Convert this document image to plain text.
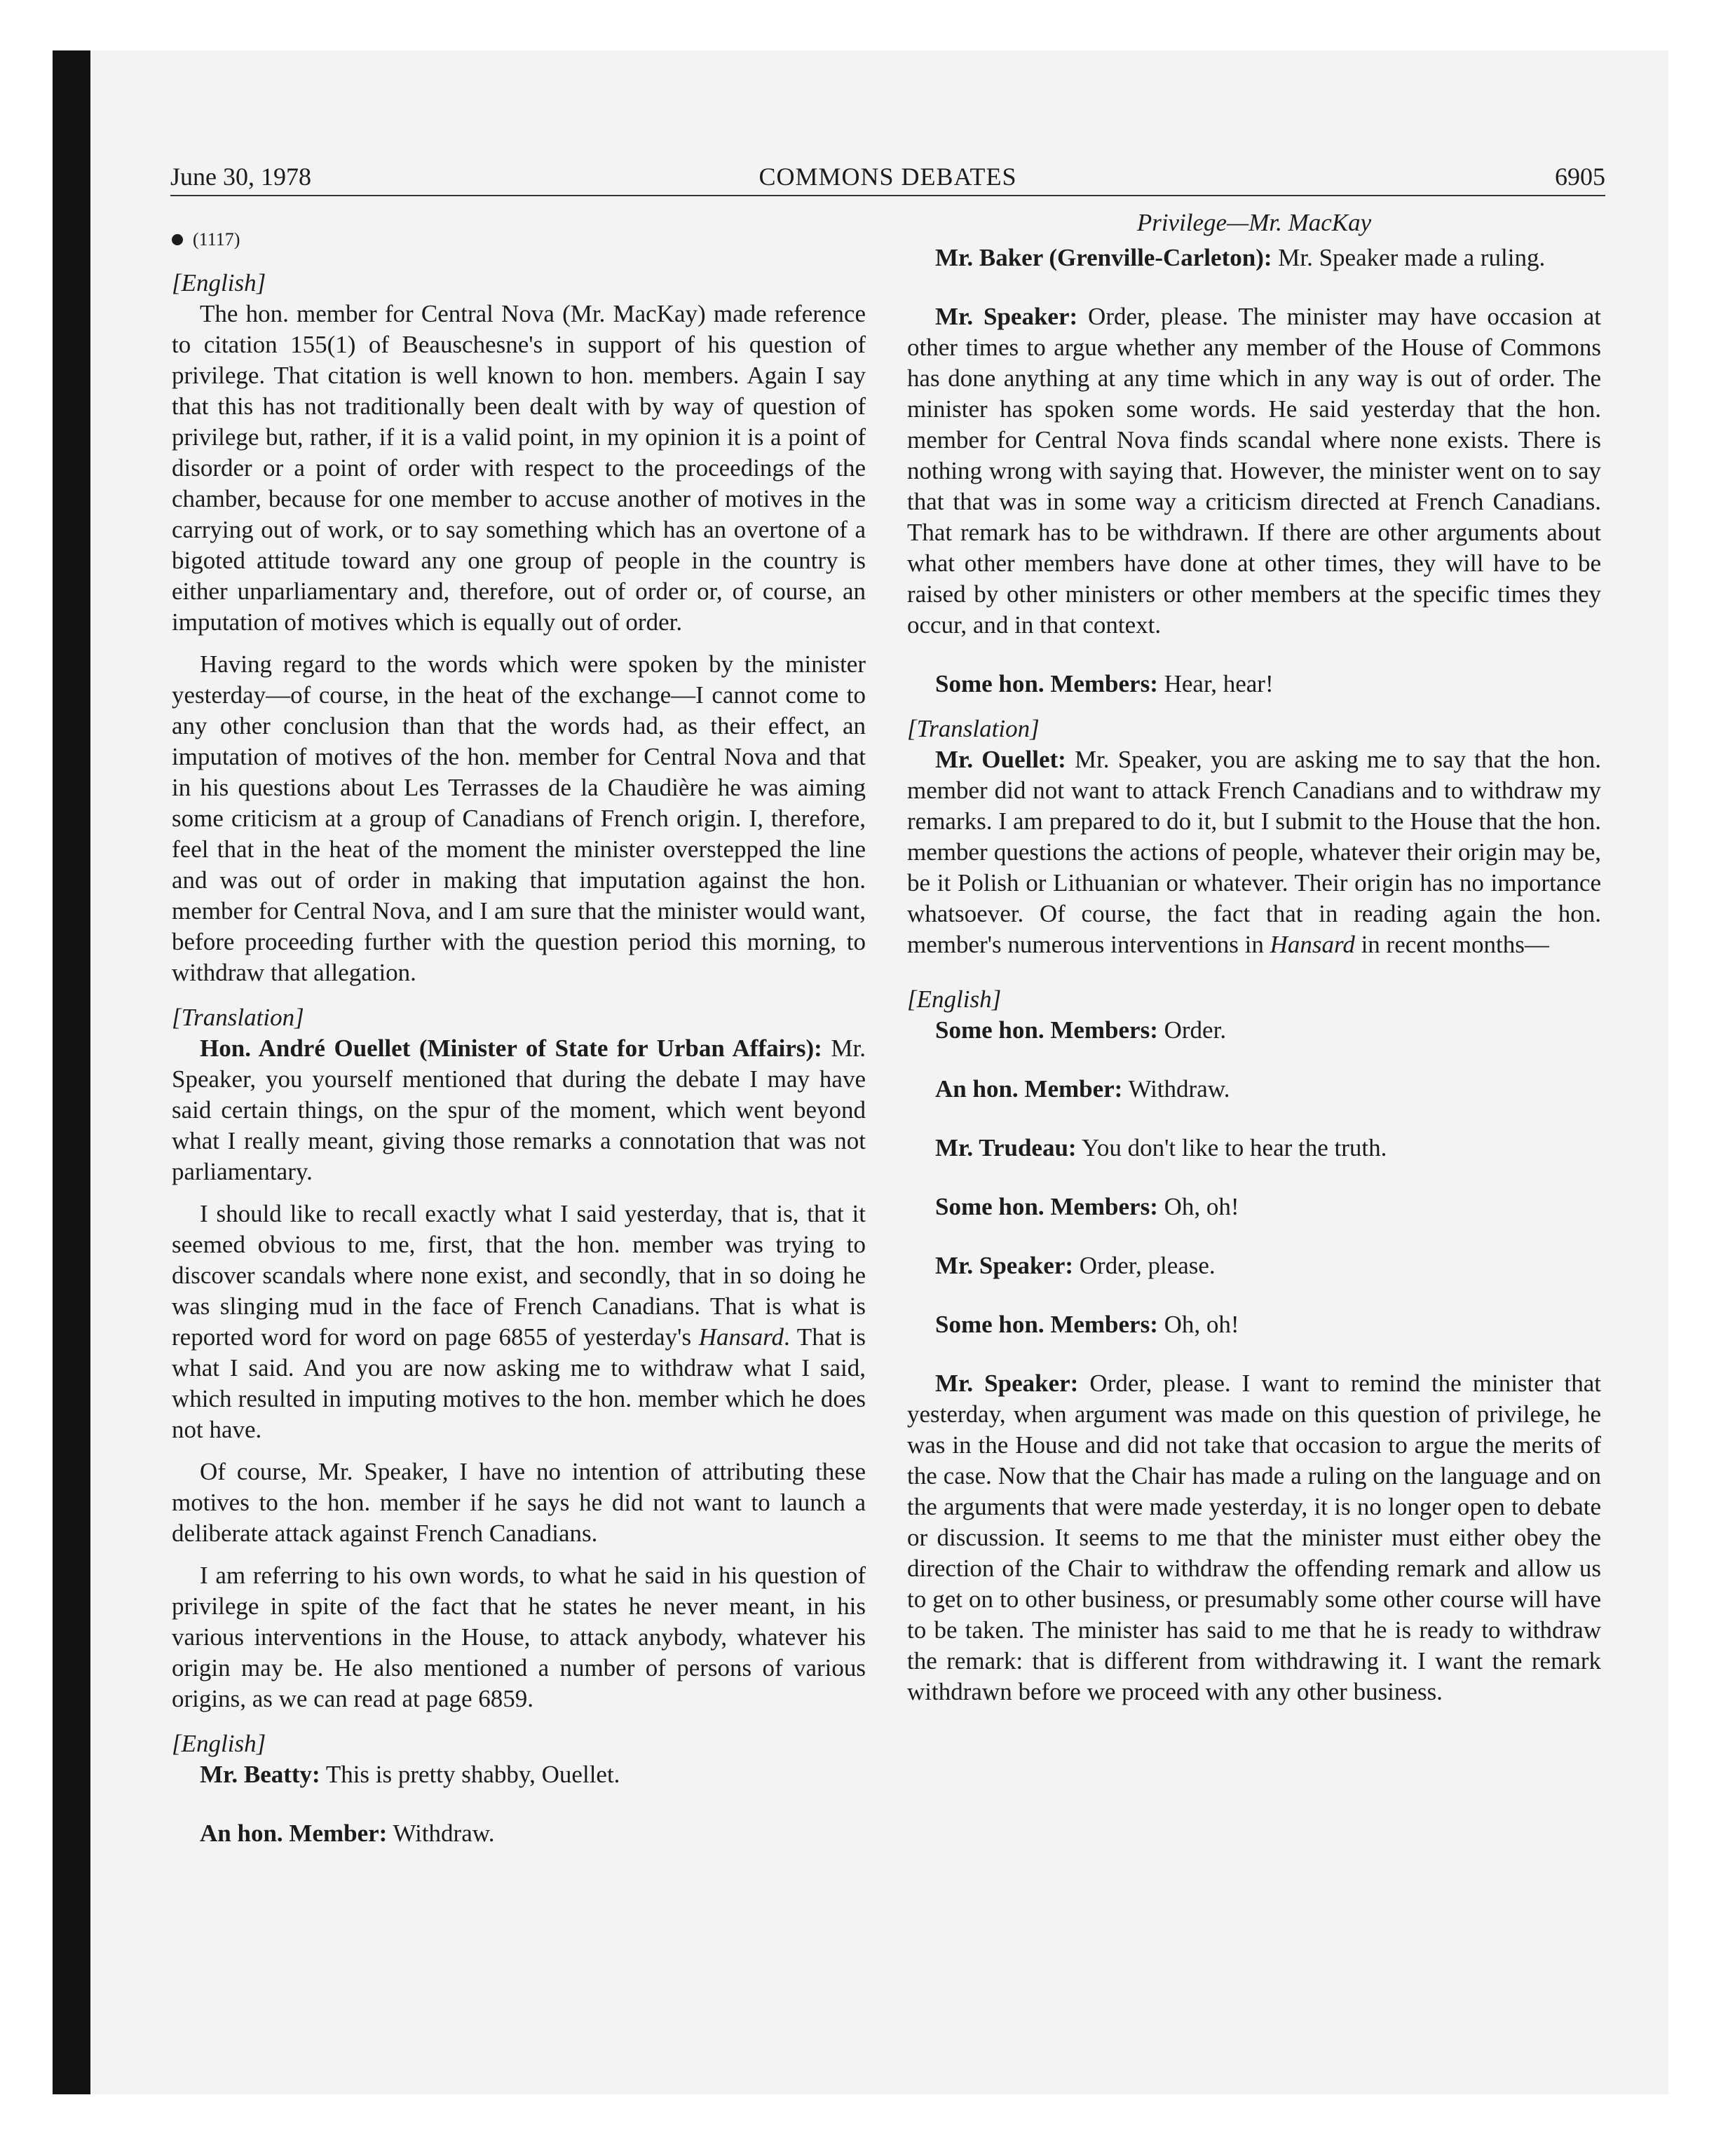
June 30, 1978	COMMONS DEBATES	6905
(1117)
[English]

The hon. member for Central Nova (Mr. MacKay) made reference to citation 155(1) of Beauschesne's in support of his question of privilege. That citation is well known to hon. members. Again I say that this has not traditionally been dealt with by way of question of privilege but, rather, if it is a valid point, in my opinion it is a point of disorder or a point of order with respect to the proceedings of the chamber, because for one member to accuse another of motives in the carrying out of work, or to say something which has an overtone of a bigoted attitude toward any one group of people in the country is either unparliamentary and, therefore, out of order or, of course, an imputation of motives which is equally out of order.

Having regard to the words which were spoken by the minister yesterday—of course, in the heat of the exchange—I cannot come to any other conclusion than that the words had, as their effect, an imputation of motives of the hon. member for Central Nova and that in his questions about Les Terrasses de la Chaudière he was aiming some criticism at a group of Canadians of French origin. I, therefore, feel that in the heat of the moment the minister overstepped the line and was out of order in making that imputation against the hon. member for Central Nova, and I am sure that the minister would want, before proceeding further with the question period this morning, to withdraw that allegation.

[Translation]

Hon. André Ouellet (Minister of State for Urban Affairs): Mr. Speaker, you yourself mentioned that during the debate I may have said certain things, on the spur of the moment, which went beyond what I really meant, giving those remarks a connotation that was not parliamentary.

I should like to recall exactly what I said yesterday, that is, that it seemed obvious to me, first, that the hon. member was trying to discover scandals where none exist, and secondly, that in so doing he was slinging mud in the face of French Canadians. That is what is reported word for word on page 6855 of yesterday's Hansard. That is what I said. And you are now asking me to withdraw what I said, which resulted in imputing motives to the hon. member which he does not have.

Of course, Mr. Speaker, I have no intention of attributing these motives to the hon. member if he says he did not want to launch a deliberate attack against French Canadians.

I am referring to his own words, to what he said in his question of privilege in spite of the fact that he states he never meant, in his various interventions in the House, to attack anybody, whatever his origin may be. He also mentioned a number of persons of various origins, as we can read at page 6859.

[English]

Mr. Beatty: This is pretty shabby, Ouellet.

An hon. Member: Withdraw.

Privilege—Mr. MacKay

Mr. Baker (Grenville-Carleton): Mr. Speaker made a ruling.

Mr. Speaker: Order, please. The minister may have occasion at other times to argue whether any member of the House of Commons has done anything at any time which in any way is out of order. The minister has spoken some words. He said yesterday that the hon. member for Central Nova finds scandal where none exists. There is nothing wrong with saying that. However, the minister went on to say that that was in some way a criticism directed at French Canadians. That remark has to be withdrawn. If there are other arguments about what other members have done at other times, they will have to be raised by other ministers or other members at the specific times they occur, and in that context.

Some hon. Members: Hear, hear!

[Translation]

Mr. Ouellet: Mr. Speaker, you are asking me to say that the hon. member did not want to attack French Canadians and to withdraw my remarks. I am prepared to do it, but I submit to the House that the hon. member questions the actions of people, whatever their origin may be, be it Polish or Lithuanian or whatever. Their origin has no importance whatsoever. Of course, the fact that in reading again the hon. member's numerous interventions in Hansard in recent months—

[English]

Some hon. Members: Order.

An hon. Member: Withdraw.

Mr. Trudeau: You don't like to hear the truth.

Some hon. Members: Oh, oh!

Mr. Speaker: Order, please.

Some hon. Members: Oh, oh!

Mr. Speaker: Order, please. I want to remind the minister that yesterday, when argument was made on this question of privilege, he was in the House and did not take that occasion to argue the merits of the case. Now that the Chair has made a ruling on the language and on the arguments that were made yesterday, it is no longer open to debate or discussion. It seems to me that the minister must either obey the direction of the Chair to withdraw the offending remark and allow us to get on to other business, or presumably some other course will have to be taken. The minister has said to me that he is ready to withdraw the remark: that is different from withdrawing it. I want the remark withdrawn before we proceed with any other business.
